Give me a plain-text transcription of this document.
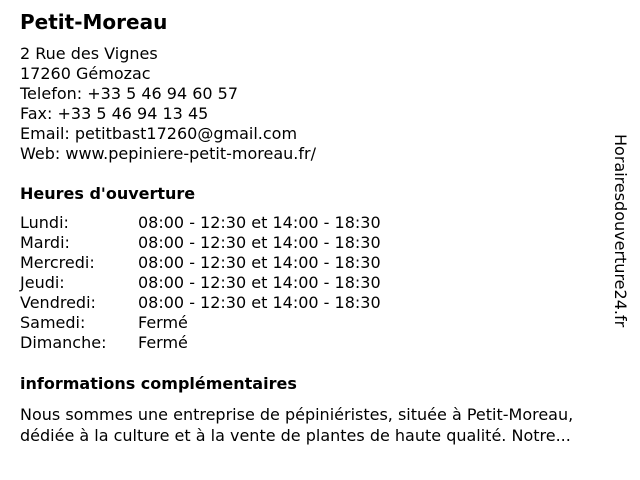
Petit-Moreau
2 Rue des Vignes
17260 Gémozac
Telefon: +33 5 46 94 60 57
Fax: +33 5 46 94 13 45
Email: petitbast17260@gmail.com
Web: www.pepiniere-petit-moreau.fr/
Heures d'ouverture
Lundi:	08:00 - 12:30 et 14:00 - 18:30
Mardi:	08:00 - 12:30 et 14:00 - 18:30
Mercredi:	08:00 - 12:30 et 14:00 - 18:30
Jeudi:	08:00 - 12:30 et 14:00 - 18:30
Vendredi:	08:00 - 12:30 et 14:00 - 18:30
Samedi:	Fermé
Dimanche: Fermé
informations complémentaires
Nous sommes une entreprise de pépiniéristes, située à Petit-Moreau, dédiée à la culture et à la vente de plantes de haute qualité. Notre...
Horairesdouverture24.fr
